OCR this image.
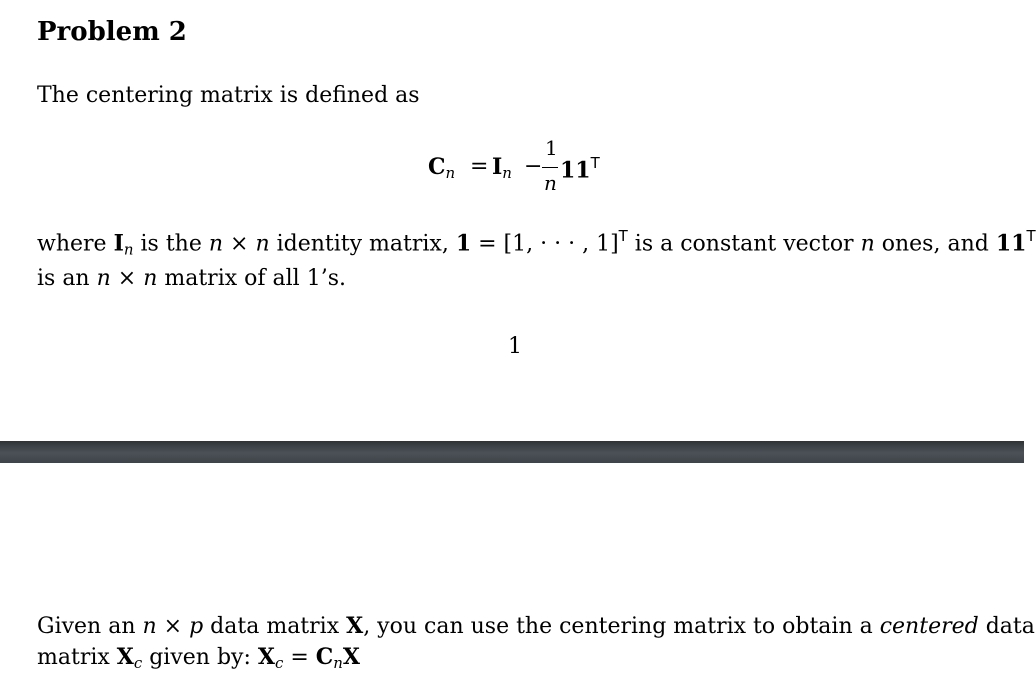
Problem 2
The centering matrix is defined as
$C_n = I_n$ −
1
n $11^T$
where $I_n$ is the n × n identity matrix, 1 = [1, · · · , 1]$^T$ is a constant vector n ones, and $11^T$
is an n × n matrix of all 1’s.
1
Given an n × p data matrix X, you can use the centering matrix to obtain a centered data
matrix $X_c$ given by: $X_c = C_nX$
